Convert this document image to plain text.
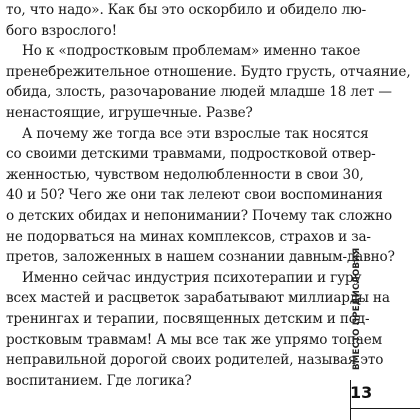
то, что надо». Как бы это оскорбило и обидело лю-
бого взрослого!
Но к «подростковым проблемам» именно такое
пренебрежительное отношение. Будто грусть, отчаяние,
обида, злость, разочарование людей младше 18 лет —
ненастоящие, игрушечные. Разве?
А почему же тогда все эти взрослые так носятся
со своими детскими травмами, подростковой отвер-
женностью, чувством недолюбленности в свои 30,
40 и 50? Чего же они так лелеют свои воспоминания
о детских обидах и непонимании? Почему так сложно
не подорваться на минах комплексов, страхов и за-
претов, заложенных в нашем сознании давным-давно?
Именно сейчас индустрия психотерапии и гуру
всех мастей и расцветок зарабатывают миллиарды на
тренингах и терапии, посвященных детским и под-
ростковым травмам! А мы все так же упрямо топаем
неправильной дорогой своих родителей, называя это
воспитанием. Где логика?
ВМЕСТО ПРЕДИСЛОВИЯ
13
